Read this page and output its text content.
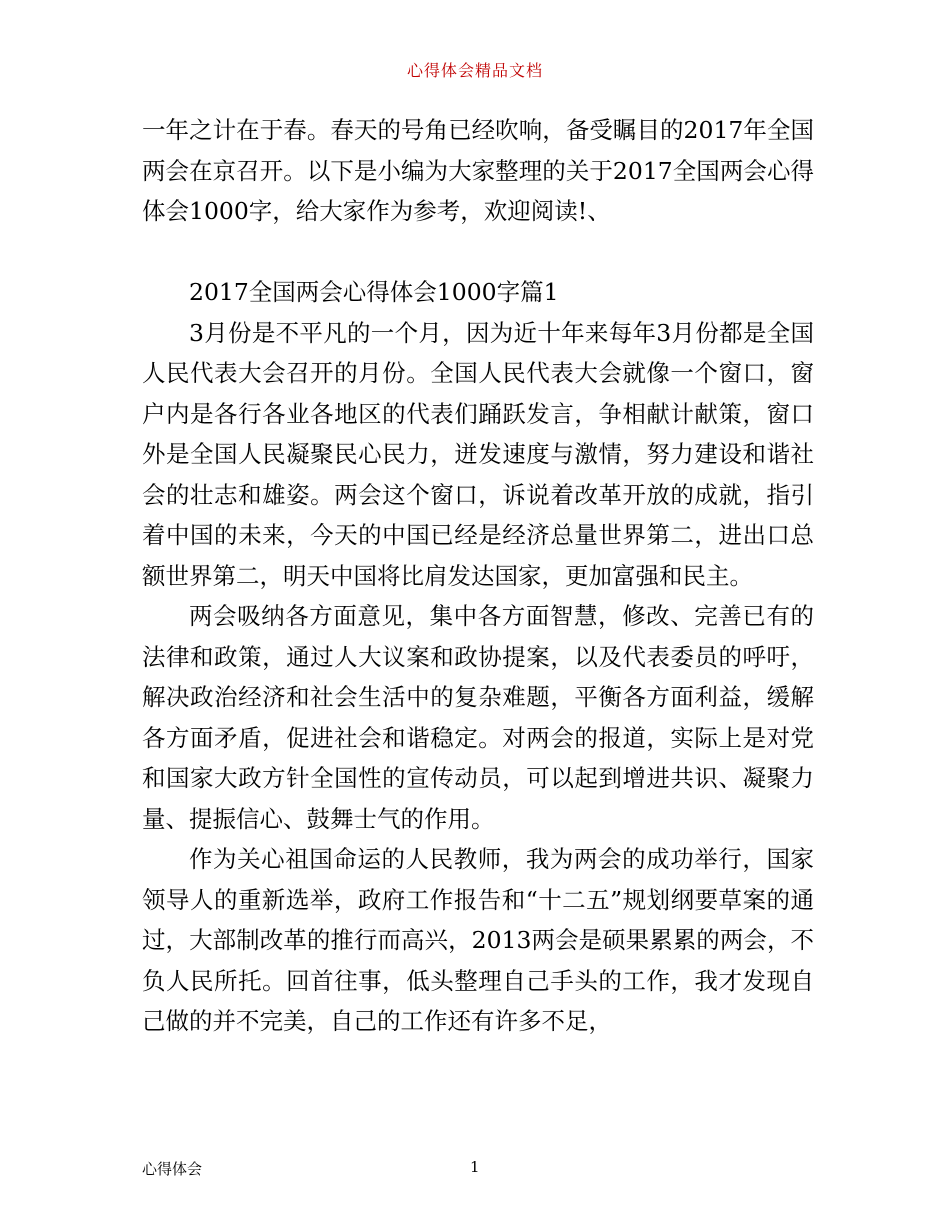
心得体会精品文档

一年之计在于春。春天的号角已经吹响，备受瞩目的2017年全国两会在京召开。以下是小编为大家整理的关于2017全国两会心得体会1000字，给大家作为参考，欢迎阅读!、

2017全国两会心得体会1000字篇1

3月份是不平凡的一个月，因为近十年来每年3月份都是全国人民代表大会召开的月份。全国人民代表大会就像一个窗口，窗户内是各行各业各地区的代表们踊跃发言，争相献计献策，窗口外是全国人民凝聚民心民力，迸发速度与激情，努力建设和谐社会的壮志和雄姿。两会这个窗口，诉说着改革开放的成就，指引着中国的未来，今天的中国已经是经济总量世界第二，进出口总额世界第二，明天中国将比肩发达国家，更加富强和民主。

两会吸纳各方面意见，集中各方面智慧，修改、完善已有的法律和政策，通过人大议案和政协提案，以及代表委员的呼吁，解决政治经济和社会生活中的复杂难题，平衡各方面利益，缓解各方面矛盾，促进社会和谐稳定。对两会的报道，实际上是对党和国家大政方针全国性的宣传动员，可以起到增进共识、凝聚力量、提振信心、鼓舞士气的作用。

作为关心祖国命运的人民教师，我为两会的成功举行，国家领导人的重新选举，政府工作报告和“十二五”规划纲要草案的通过，大部制改革的推行而高兴，2013两会是硕果累累的两会，不负人民所托。回首往事，低头整理自己手头的工作，我才发现自己做的并不完美，自己的工作还有许多不足，

心得体会	1
